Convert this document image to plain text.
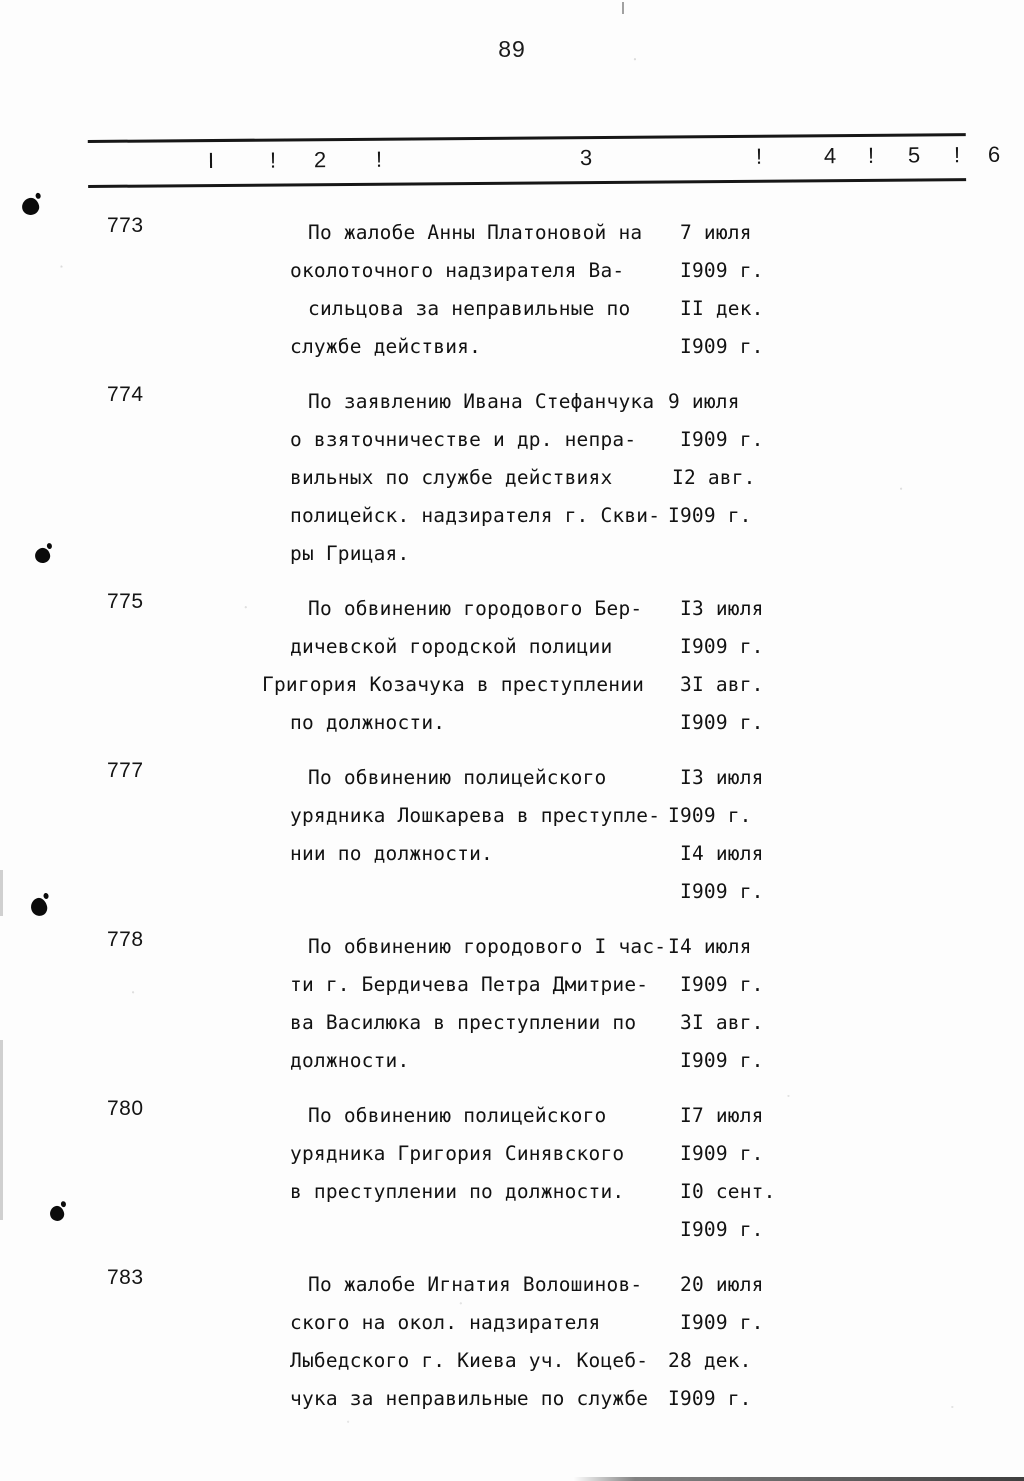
89
I	! 2 !	3	!	4 ! 5 ! 6
773	По жалобе Анны Платоновой на 7 июля
околоточного надзирателя Ва-	I909 г.
сильцова за неправильные по	II дек.
службе действия.	I909 г.
774	По заявлению Ивана Стефанчука 9 июля
о взяточничестве и др. непра- I909 г.
вильных по службе действиях	I2 авг.
полицейск. надзирателя г. Скви- I909 г.
ры Грицая.
775	По обвинению городового Бер- I3 июля
дичевской городской полиции	I909 г.
Григория Козачука в преступлении 3I авг.
по должности.	I909 г.
777	По обвинению полицейского	I3 июля
урядника Лошкарева в преступле- I909 г.
нии по должности.	I4 июля
I909 г.
778	По обвинению городового I час- I4 июля
ти г. Бердичева Петра Дмитрие- I909 г.
ва Василюка в преступлении по 3I авг.
должности.	I909 г.
780	По обвинению полицейского	I7 июля
урядника Григория Синявского	I909 г.
в преступлении по должности.	I0 сент.
I909 г.
783	По жалобе Игнатия Волошинов- 20 июля
ского на окол. надзирателя	I909 г.
Лыбедского г. Киева уч. Коцеб- 28 дек.
чука за неправильные по службе I909 г.
